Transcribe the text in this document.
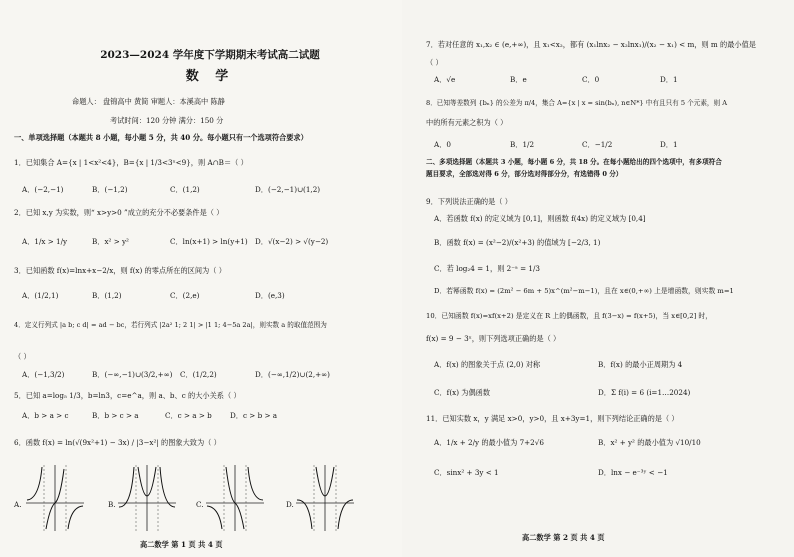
2023—2024 学年度下学期期末考试高二试题
数 学
命题人： 盘锦高中 黄简 审题人：本溪高中 陈静
考试时间：120 分钟 满分：150 分
一、单项选择题（本题共 8 小题，每小题 5 分，共 40 分。每小题只有一个选项符合要求）
1．已知集合 A={x | 1<x²<4}，B={x | 1/3<3ˣ<9}，则 A∩B＝（ ）
A．(−2,−1)	B．(−1,2)	C．(1,2)	D．(−2,−1)∪(1,2)
2．已知 x,y 为实数，则“ x>y>0 ”成立的充分不必要条件是（ ）
A．1/x > 1/y	B．x² > y²	C．ln(x+1) > ln(y+1) D．√(x−2) > √(y−2)
3．已知函数 f(x)=lnx+x−2/x，则 f(x) 的零点所在的区间为（ ）
A．(1/2,1)	B．(1,2)	C．(2,e)	D．(e,3)
4．定义行列式 |a b; c d| = ad − bc，若行列式 |2a² 1; 2 1| > |1 1; 4−5a 2a|，则实数 a 的取值范围为
（ ）
A．(−1,3/2)	B．(−∞,−1)∪(3/2,+∞) C．(1/2,2)	D．(−∞,1/2)∪(2,+∞)
5．已知 a=log₅ 1/3，b=ln3，c=e^a，则 a、b、c 的大小关系（ ）
A．b > a > c	B．b > c > a	C．c > a > b	D．c > b > a
6．函数 f(x) = ln(√(9x²+1) − 3x) / |3−x²| 的图象大致为（ ）
A.	B.	C.	D.
高二数学 第 1 页 共 4 页
7．若对任意的 x₁,x₂ ∈ (e,+∞)，且 x₁<x₂，都有 (x₁lnx₂ − x₂lnx₁)/(x₂ − x₁) < m，则 m 的最小值是
（ ）
A．√e	B．e	C．0	D．1
8．已知等差数列 {bₙ} 的公差为 π/4，集合 A={x | x = sin(bₙ), n∈N*} 中有且只有 5 个元素，则 A
中的所有元素之积为（ ）
A．0	B．1/2	C．−1/2	D．1
二、多项选择题（本题共 3 小题，每小题 6 分，共 18 分。在每小题给出的四个选项中，有多项符合
题目要求，全部选对得 6 分，部分选对得部分分，有选错得 0 分）
9．下列说法正确的是（ ）
A．若函数 f(x) 的定义域为 [0,1]，则函数 f(4x) 的定义域为 [0,4]
B．函数 f(x) = (x²−2)/(x²+3) 的值域为 [−2/3, 1)
C．若 log₂4 = 1，则 2⁻ᵃ = 1/3
D．若幂函数 f(x) = (2m² − 6m + 5)x^(m²−m−1)，且在 x∈(0,+∞) 上是增函数，则实数 m=1
10．已知函数 f(x)=xf(x+2) 是定义在 R 上的偶函数，且 f(3−x) = f(x+5)，当 x∈[0,2] 时，
f(x) = 9 − 3ˣ，则下列选项正确的是（ ）
A．f(x) 的图象关于点 (2,0) 对称	B．f(x) 的最小正周期为 4
C．f(x) 为偶函数	D．Σ f(i) = 6 (i=1…2024)
11．已知实数 x，y 满足 x>0，y>0，且 x+3y=1，则下列结论正确的是（ ）
A．1/x + 2/y 的最小值为 7+2√6	B．x² + y² 的最小值为 √10/10
C．sinx² + 3y < 1	D．lnx − e⁻³ʸ < −1
高二数学 第 2 页 共 4 页
